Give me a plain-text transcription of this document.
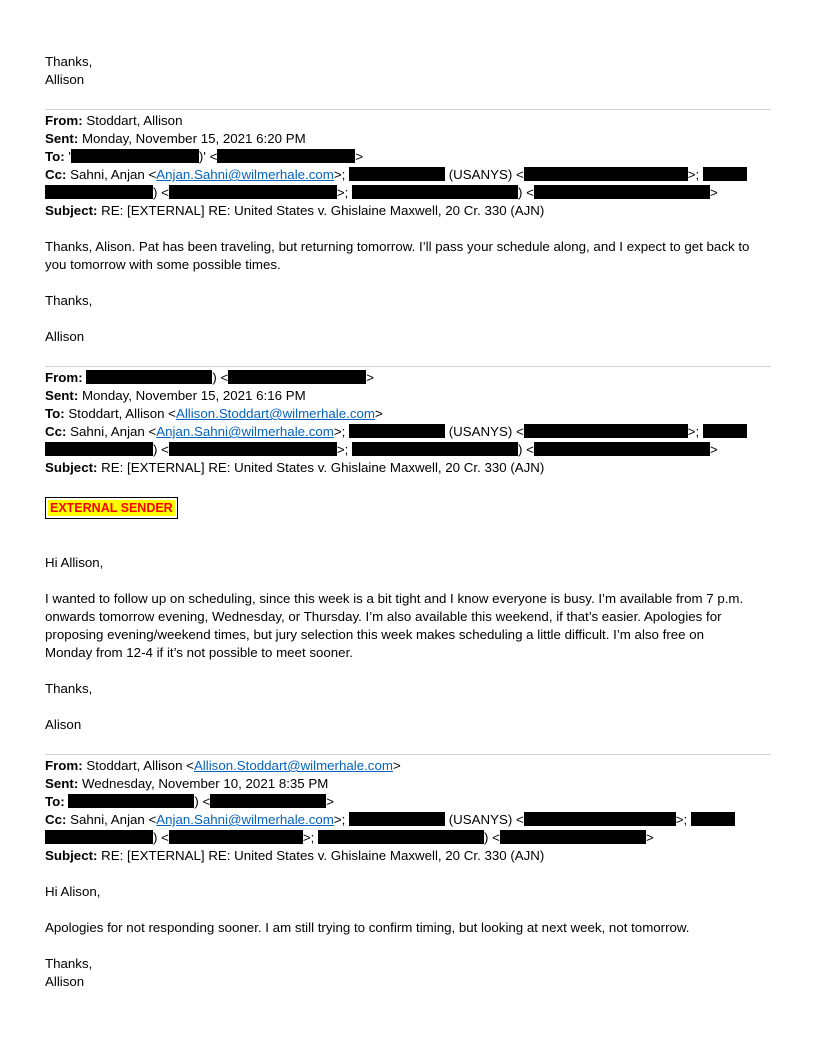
Thanks,
Allison
From: Stoddart, Allison
Sent: Monday, November 15, 2021 6:20 PM
To: '	)' <	>
Cc: Sahni, Anjan <Anjan.Sahni@wilmerhale.com>;	(USANYS) <	>;
) <	>;	) <	>
Subject: RE: [EXTERNAL] RE: United States v. Ghislaine Maxwell, 20 Cr. 330 (AJN)
Thanks, Alison. Pat has been traveling, but returning tomorrow. I’ll pass your schedule along, and I expect to get back to
you tomorrow with some possible times.
Thanks,
Allison
From:	) <	>
Sent: Monday, November 15, 2021 6:16 PM
To: Stoddart, Allison <Allison.Stoddart@wilmerhale.com>
Cc: Sahni, Anjan <Anjan.Sahni@wilmerhale.com>;	(USANYS) <	>;
) <	>;	) <	>
Subject: RE: [EXTERNAL] RE: United States v. Ghislaine Maxwell, 20 Cr. 330 (AJN)
EXTERNAL SENDER
Hi Allison,
I wanted to follow up on scheduling, since this week is a bit tight and I know everyone is busy. I’m available from 7 p.m.
onwards tomorrow evening, Wednesday, or Thursday. I’m also available this weekend, if that’s easier. Apologies for
proposing evening/weekend times, but jury selection this week makes scheduling a little difficult. I’m also free on
Monday from 12-4 if it’s not possible to meet sooner.
Thanks,
Alison
From: Stoddart, Allison <Allison.Stoddart@wilmerhale.com>
Sent: Wednesday, November 10, 2021 8:35 PM
To:	) <	>
Cc: Sahni, Anjan <Anjan.Sahni@wilmerhale.com>;	(USANYS) <	>;
) <	>;	) <	>
Subject: RE: [EXTERNAL] RE: United States v. Ghislaine Maxwell, 20 Cr. 330 (AJN)
Hi Alison,
Apologies for not responding sooner. I am still trying to confirm timing, but looking at next week, not tomorrow.
Thanks,
Allison
